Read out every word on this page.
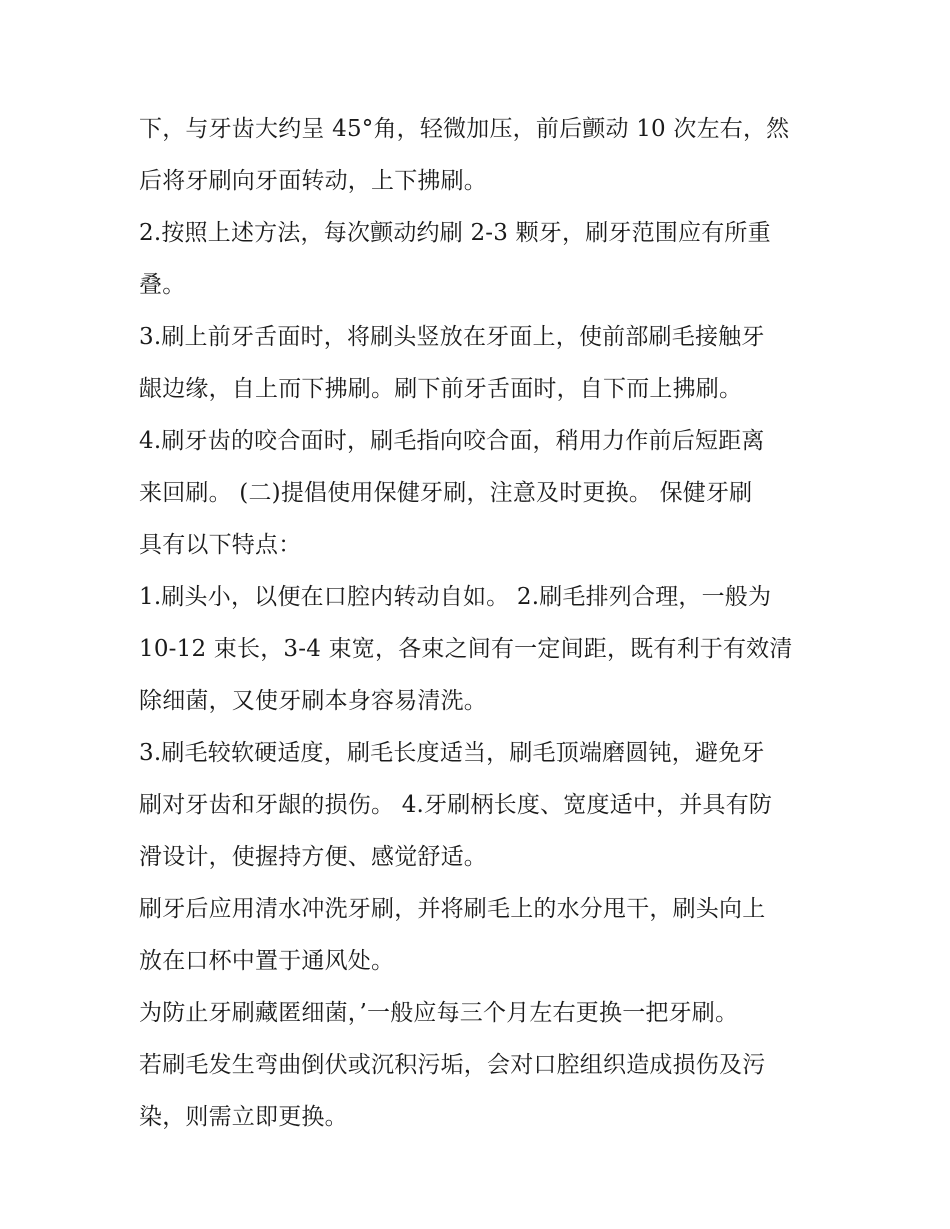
下，与牙齿大约呈 45°角，轻微加压，前后颤动 10 次左右，然
后将牙刷向牙面转动，上下拂刷。
2.按照上述方法，每次颤动约刷 2-3 颗牙，刷牙范围应有所重
叠。
3.刷上前牙舌面时，将刷头竖放在牙面上，使前部刷毛接触牙
龈边缘，自上而下拂刷。刷下前牙舌面时，自下而上拂刷。
4.刷牙齿的咬合面时，刷毛指向咬合面，稍用力作前后短距离
来回刷。 (二)提倡使用保健牙刷，注意及时更换。 保健牙刷
具有以下特点：
1.刷头小，以便在口腔内转动自如。 2.刷毛排列合理，一般为
10-12 束长，3-4 束宽，各束之间有一定间距，既有利于有效清
除细菌，又使牙刷本身容易清洗。
3.刷毛较软硬适度，刷毛长度适当，刷毛顶端磨圆钝，避免牙
刷对牙齿和牙龈的损伤。 4.牙刷柄长度、宽度适中，并具有防
滑设计，使握持方便、感觉舒适。
刷牙后应用清水冲洗牙刷，并将刷毛上的水分甩干，刷头向上
放在口杯中置于通风处。
为防止牙刷藏匿细菌，’一般应每三个月左右更换一把牙刷。
若刷毛发生弯曲倒伏或沉积污垢，会对口腔组织造成损伤及污
染，则需立即更换。
